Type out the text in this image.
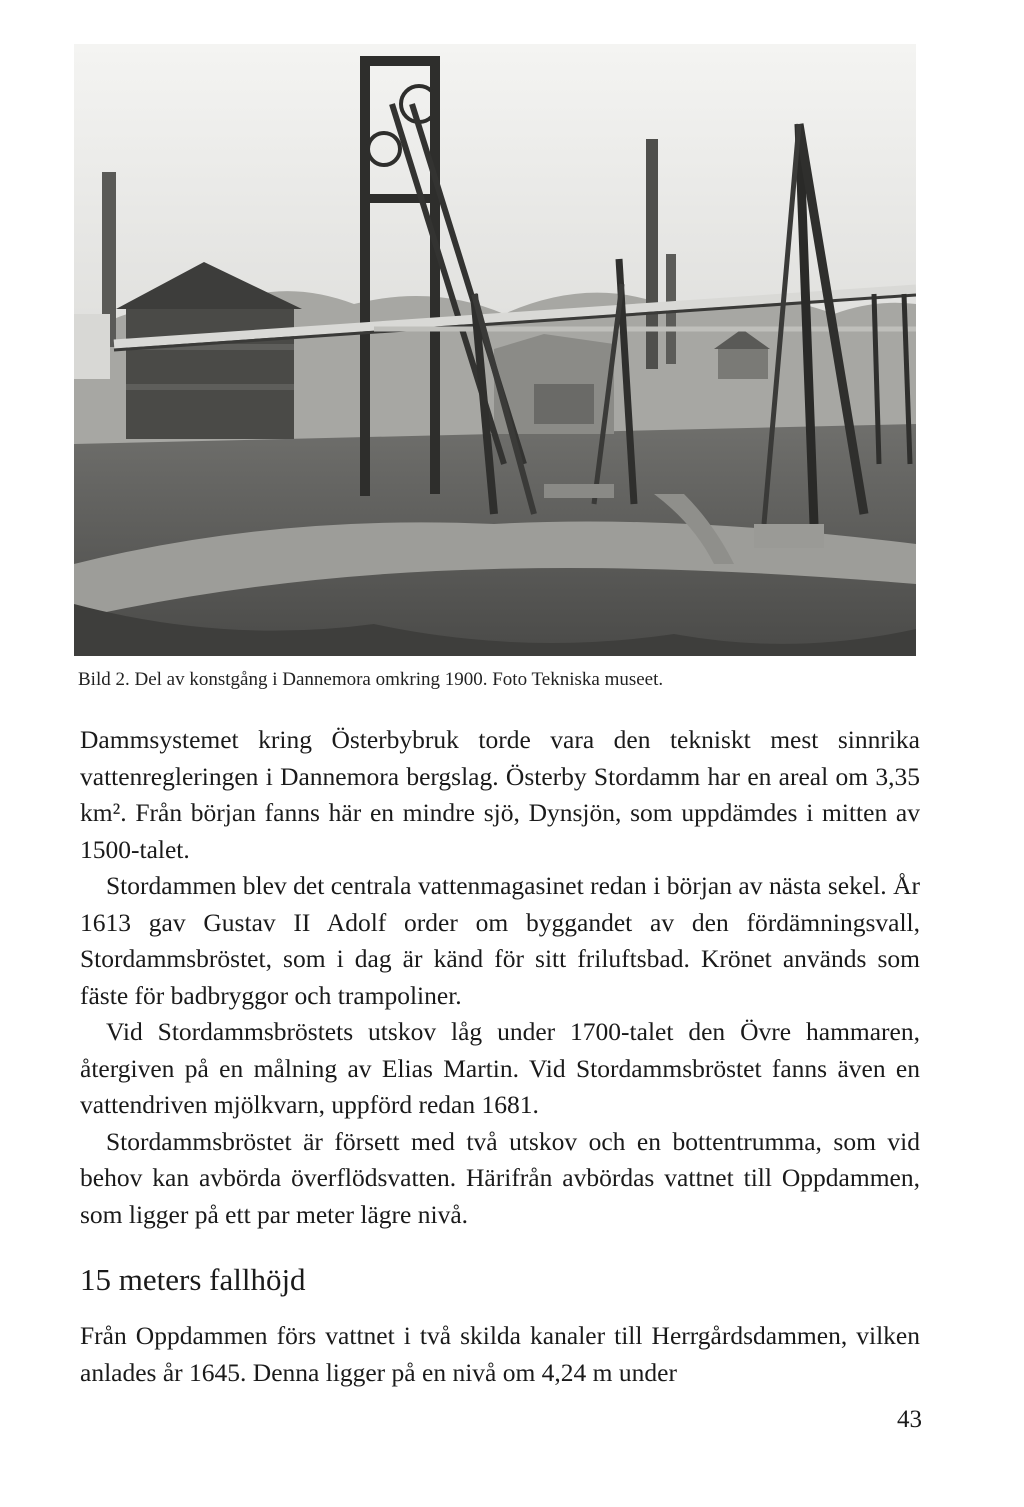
Bild 2. Del av konstgång i Dannemora omkring 1900. Foto Tekniska museet.

Dammsystemet kring Österbybruk torde vara den tekniskt mest sinnrika vattenregleringen i Dannemora bergslag. Österby Stordamm har en areal om 3,35 km². Från början fanns här en mindre sjö, Dynsjön, som uppdämdes i mitten av 1500-talet.

Stordammen blev det centrala vattenmagasinet redan i början av nästa sekel. År 1613 gav Gustav II Adolf order om byggandet av den fördämningsvall, Stordammsbröstet, som i dag är känd för sitt friluftsbad. Krönet används som fäste för badbryggor och trampoliner.

Vid Stordammsbröstets utskov låg under 1700-talet den Övre hammaren, återgiven på en målning av Elias Martin. Vid Stordammsbröstet fanns även en vattendriven mjölkvarn, uppförd redan 1681.

Stordammsbröstet är försett med två utskov och en bottentrumma, som vid behov kan avbörda överflödsvatten. Härifrån avbördas vattnet till Oppdammen, som ligger på ett par meter lägre nivå.

15 meters fallhöjd

Från Oppdammen förs vattnet i två skilda kanaler till Herrgårdsdammen, vilken anlades år 1645. Denna ligger på en nivå om 4,24 m under

43
